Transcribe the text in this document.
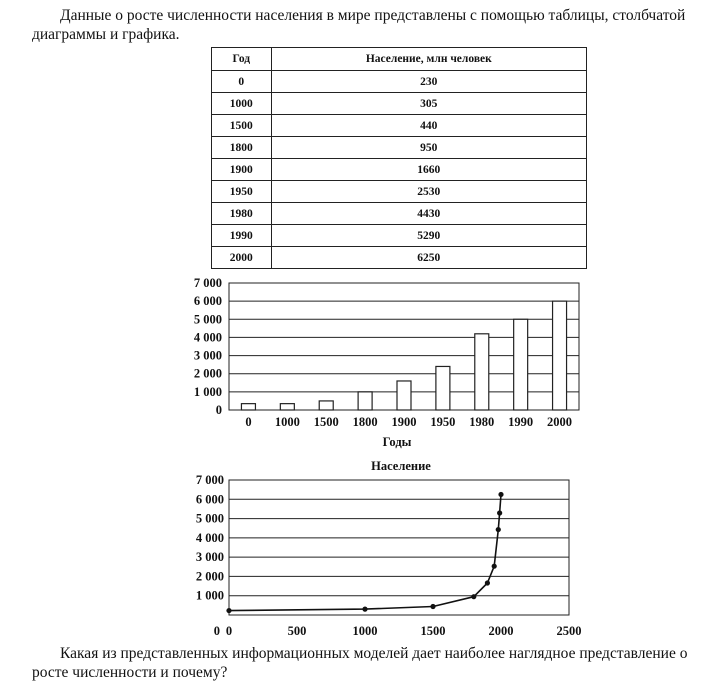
Данные о росте численности населения в мире представлены с помощью таблицы, столбчатой диаграммы и графика.

Год	Население, млн человек
0	230
1000	305
1500	440
1800	950
1900	1660
1950	2530
1980	4430
1990	5290
2000	6250
0
1 000
2 000
3 000
4 000
5 000
6 000
7 000
0 1000 1500 1800 1900 1950 1980 1990 2000
Годы
Население
1 000
2 000
3 000
4 000
5 000
6 000
7 000
0 0	500	1000	1500	2000	2500

Какая из представленных информационных моделей дает наиболее наглядное представление о росте численности и почему?
